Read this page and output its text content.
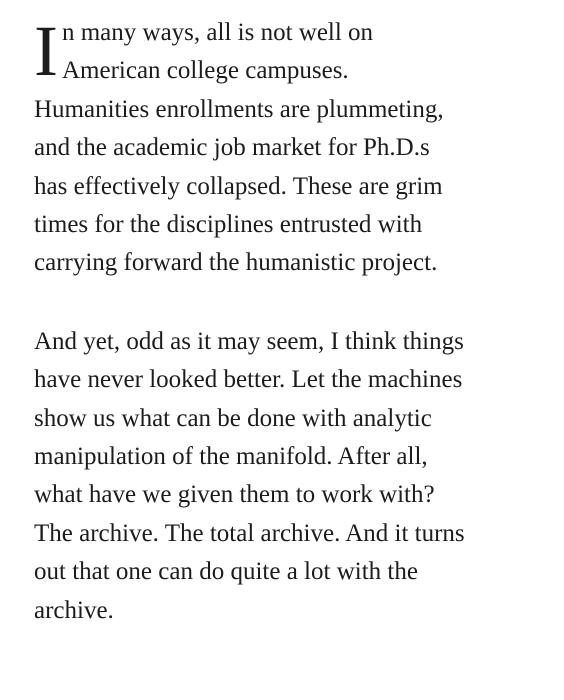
I n many ways, all is not well on
American college campuses.
Humanities enrollments are plummeting,
and the academic job market for Ph.D.s
has effectively collapsed. These are grim
times for the disciplines entrusted with
carrying forward the humanistic project.
And yet, odd as it may seem, I think things
have never looked better. Let the machines
show us what can be done with analytic
manipulation of the manifold. After all,
what have we given them to work with?
The archive. The total archive. And it turns
out that one can do quite a lot with the
archive.
